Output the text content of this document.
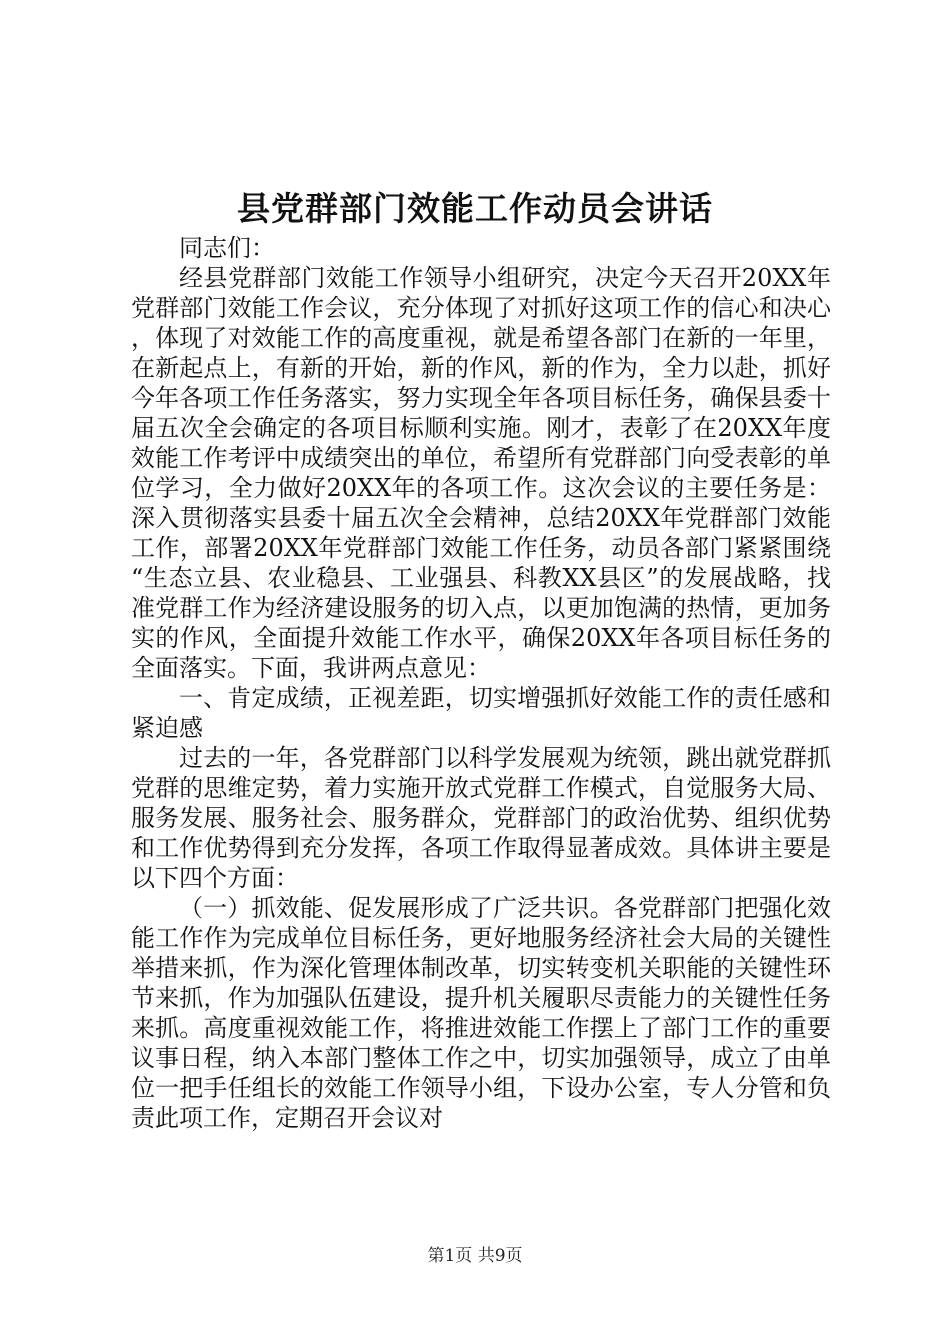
县党群部门效能工作动员会讲话

同志们：

经县党群部门效能工作领导小组研究，决定今天召开20XX年党群部门效能工作会议，充分体现了对抓好这项工作的信心和决心，体现了对效能工作的高度重视，就是希望各部门在新的一年里，在新起点上，有新的开始，新的作风，新的作为，全力以赴，抓好今年各项工作任务落实，努力实现全年各项目标任务，确保县委十届五次全会确定的各项目标顺利实施。刚才，表彰了在20XX年度效能工作考评中成绩突出的单位，希望所有党群部门向受表彰的单位学习，全力做好20XX年的各项工作。这次会议的主要任务是：深入贯彻落实县委十届五次全会精神，总结20XX年党群部门效能工作，部署20XX年党群部门效能工作任务，动员各部门紧紧围绕“生态立县、农业稳县、工业强县、科教XX县区”的发展战略，找准党群工作为经济建设服务的切入点，以更加饱满的热情，更加务实的作风，全面提升效能工作水平，确保20XX年各项目标任务的全面落实。下面，我讲两点意见：

一、肯定成绩，正视差距，切实增强抓好效能工作的责任感和紧迫感

过去的一年，各党群部门以科学发展观为统领，跳出就党群抓党群的思维定势，着力实施开放式党群工作模式，自觉服务大局、服务发展、服务社会、服务群众，党群部门的政治优势、组织优势和工作优势得到充分发挥，各项工作取得显著成效。具体讲主要是以下四个方面：

（一）抓效能、促发展形成了广泛共识。各党群部门把强化效能工作作为完成单位目标任务，更好地服务经济社会大局的关键性举措来抓，作为深化管理体制改革，切实转变机关职能的关键性环节来抓，作为加强队伍建设，提升机关履职尽责能力的关键性任务来抓。高度重视效能工作，将推进效能工作摆上了部门工作的重要议事日程，纳入本部门整体工作之中，切实加强领导，成立了由单位一把手任组长的效能工作领导小组，下设办公室，专人分管和负责此项工作，定期召开会议对

第1页 共9页
